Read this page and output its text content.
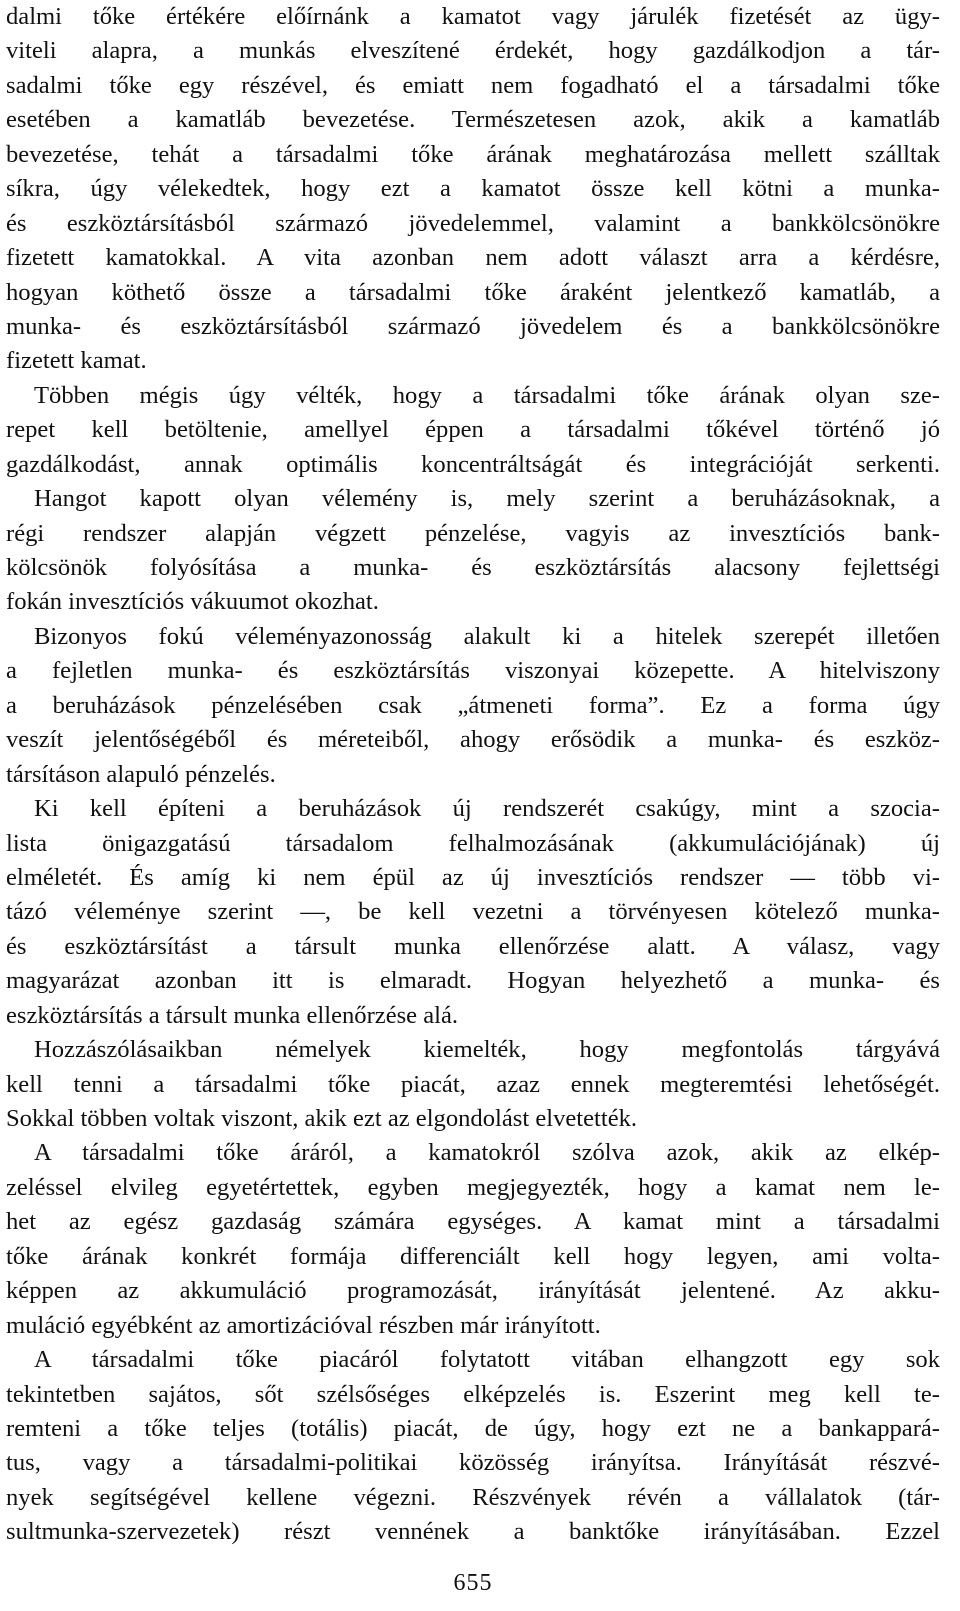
dalmi tőke értékére előírnánk a kamatot vagy járulék fizetését az ügy-
viteli alapra, a munkás elveszítené érdekét, hogy gazdálkodjon a tár-
sadalmi tőke egy részével, és emiatt nem fogadható el a társadalmi tőke
esetében a kamatláb bevezetése. Természetesen azok, akik a kamatláb
bevezetése, tehát a társadalmi tőke árának meghatározása mellett szálltak
síkra, úgy vélekedtek, hogy ezt a kamatot össze kell kötni a munka-
és eszköztársításból származó jövedelemmel, valamint a bankkölcsönökre
fizetett kamatokkal. A vita azonban nem adott választ arra a kérdésre,
hogyan köthető össze a társadalmi tőke áraként jelentkező kamatláb, a
munka- és eszköztársításból származó jövedelem és a bankkölcsönökre
fizetett kamat.
Többen mégis úgy vélték, hogy a társadalmi tőke árának olyan sze-
repet kell betöltenie, amellyel éppen a társadalmi tőkével történő jó
gazdálkodást, annak optimális koncentráltságát és integrációját serkenti.
Hangot kapott olyan vélemény is, mely szerint a beruházásoknak, a
régi rendszer alapján végzett pénzelése, vagyis az invesztíciós bank-
kölcsönök folyósítása a munka- és eszköztársítás alacsony fejlettségi
fokán invesztíciós vákuumot okozhat.
Bizonyos fokú véleményazonosság alakult ki a hitelek szerepét illetően
a fejletlen munka- és eszköztársítás viszonyai közepette. A hitelviszony
a beruházások pénzelésében csak „átmeneti forma”. Ez a forma úgy
veszít jelentőségéből és méreteiből, ahogy erősödik a munka- és eszköz-
társításon alapuló pénzelés.
Ki kell építeni a beruházások új rendszerét csakúgy, mint a szocia-
lista önigazgatású társadalom felhalmozásának (akkumulációjának) új
elméletét. És amíg ki nem épül az új invesztíciós rendszer — több vi-
tázó véleménye szerint —, be kell vezetni a törvényesen kötelező munka-
és eszköztársítást a társult munka ellenőrzése alatt. A válasz, vagy
magyarázat azonban itt is elmaradt. Hogyan helyezhető a munka- és
eszköztársítás a társult munka ellenőrzése alá.
Hozzászólásaikban némelyek kiemelték, hogy megfontolás tárgyává
kell tenni a társadalmi tőke piacát, azaz ennek megteremtési lehetőségét.
Sokkal többen voltak viszont, akik ezt az elgondolást elvetették.
A társadalmi tőke áráról, a kamatokról szólva azok, akik az elkép-
zeléssel elvileg egyetértettek, egyben megjegyezték, hogy a kamat nem le-
het az egész gazdaság számára egységes. A kamat mint a társadalmi
tőke árának konkrét formája differenciált kell hogy legyen, ami volta-
képpen az akkumuláció programozását, irányítását jelentené. Az akku-
muláció egyébként az amortizációval részben már irányított.
A társadalmi tőke piacáról folytatott vitában elhangzott egy sok
tekintetben sajátos, sőt szélsőséges elképzelés is. Eszerint meg kell te-
remteni a tőke teljes (totális) piacát, de úgy, hogy ezt ne a bankappará-
tus, vagy a társadalmi-politikai közösség irányítsa. Irányítását részvé-
nyek segítségével kellene végezni. Részvények révén a vállalatok (tár-
sultmunka-szervezetek) részt vennének a banktőke irányításában. Ezzel
655
